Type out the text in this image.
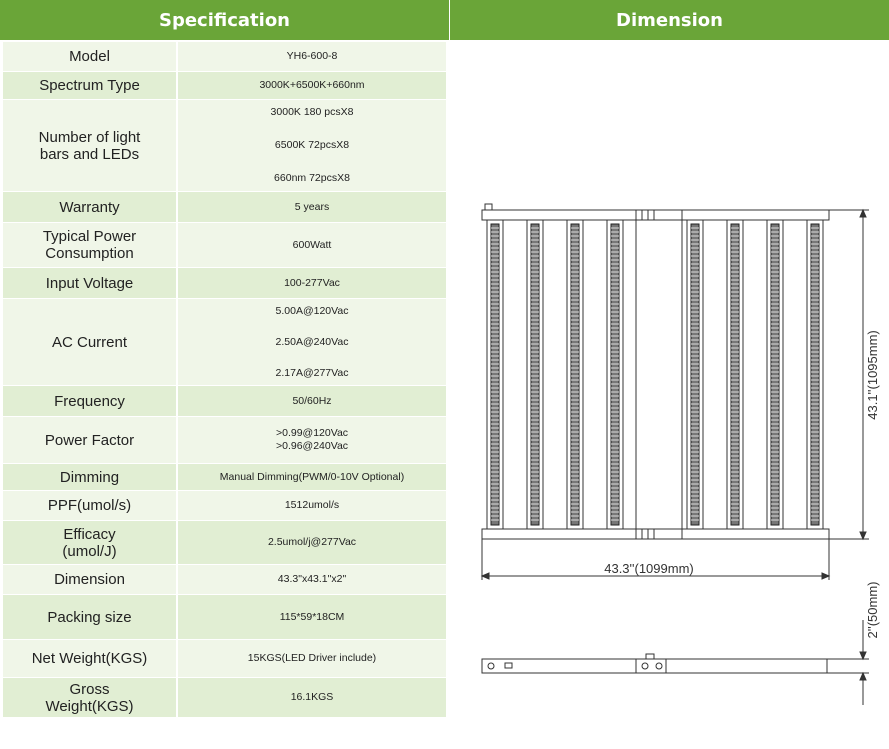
Specification	Dimension
Model	YH6-600-8
Spectrum Type	3000K+6500K+660nm
Number of light bars and LEDs	3000K 180 pcsX8
6500K 72pcsX8
660nm 72pcsX8

Warranty	5 years
Typical Power Consumption	600Watt
Input Voltage	100-277Vac
AC Current	5.00A@120Vac
2.50A@240Vac
2.17A@277Vac

Frequency	50/60Hz
Power Factor	>0.99@120Vac
>0.96@240Vac

Dimming	Manual Dimming(PWM/0-10V Optional)
PPF(umol/s)	1512umol/s
Efficacy (umol/J)	2.5umol/j@277Vac
Dimension	43.3"x43.1"x2"
Packing size	115*59*18CM
Net Weight(KGS)	15KGS(LED Driver include)
Gross Weight(KGS)	16.1KGS
43.1''(1095mm)
43.3''(1099mm)
2''(50mm)
